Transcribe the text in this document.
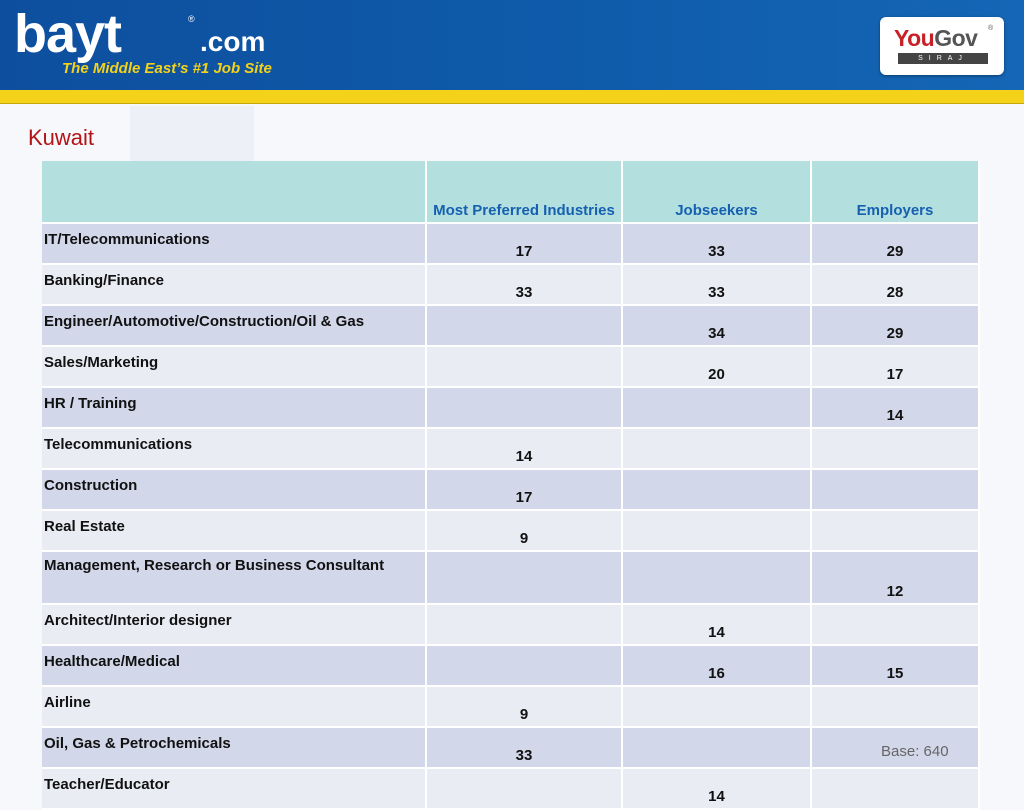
bayt	®
.com
The Middle East’s #1 Job Site
YouGov ®
SIRAJ
Kuwait
	Most Preferred Industries	Jobseekers	Employers
IT/Telecommunications	17	33	29
Banking/Finance	33	33	28
Engineer/Automotive/Construction/Oil & Gas		34	29
Sales/Marketing		20	17
HR / Training			14
Telecommunications	14		
Construction	17		
Real Estate	9		
Management, Research or Business Consultant			12
Architect/Interior designer		14	
Healthcare/Medical		16	15
Airline	9		
Oil, Gas & Petrochemicals	33		
Teacher/Educator		14	
Base: 640
